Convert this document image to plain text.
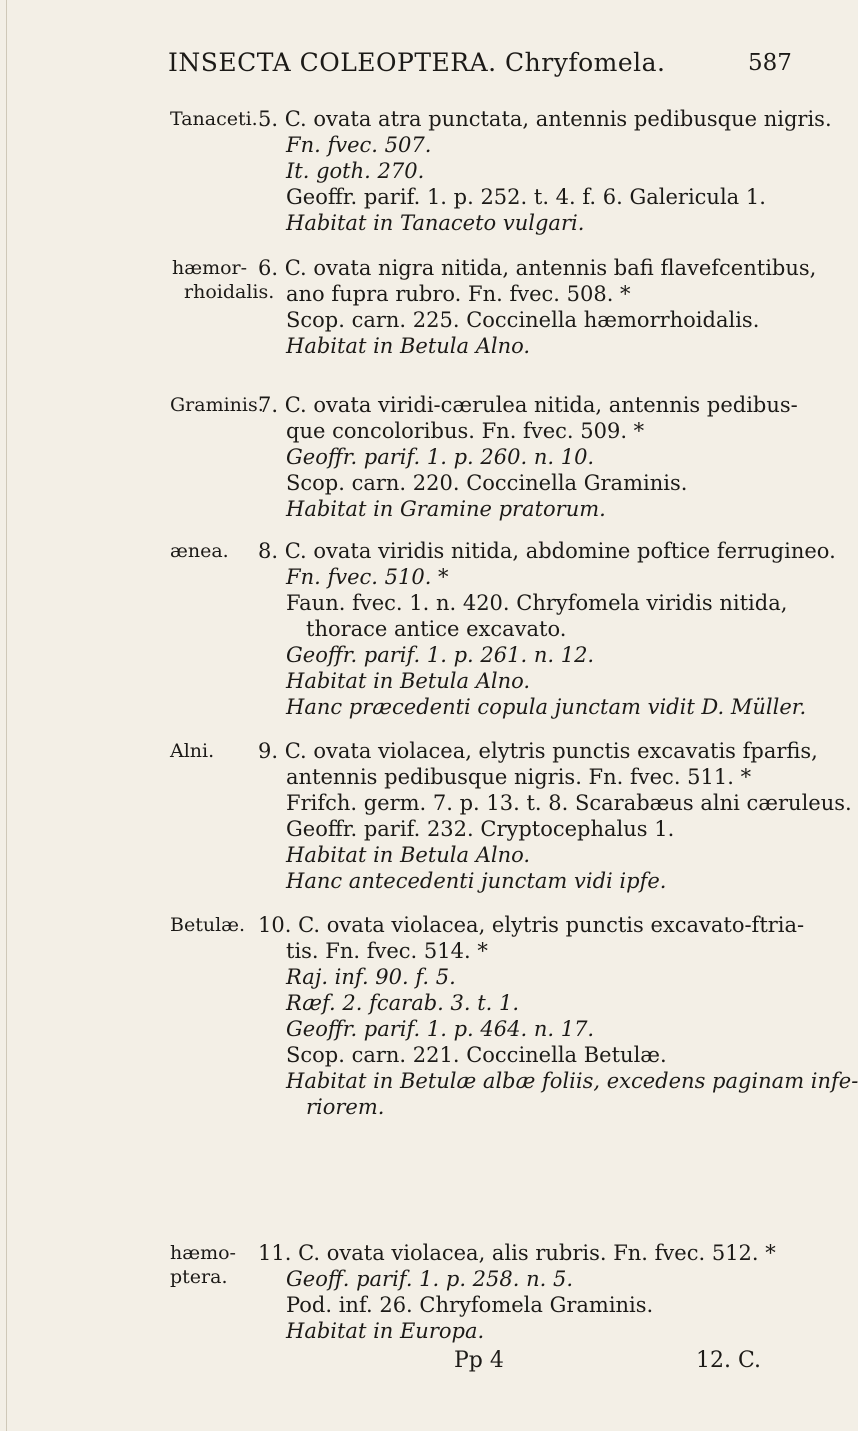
INSECTA COLEOPTERA. Chryfomela.	587
Tanaceti. 5. C. ovata atra punctata, antennis pedibusque nigris.
Fn. fvec. 507.
It. goth. 270.
Geoffr. parif. 1. p. 252. t. 4. f. 6. Galericula 1.
Habitat in Tanaceto vulgari.
hæmor-
rhoidalis.
6. C. ovata nigra nitida, antennis bafi flavefcentibus,
ano fupra rubro. Fn. fvec. 508. *
Scop. carn. 225. Coccinella hæmorrhoidalis.
Habitat in Betula Alno.
Graminis.
7. C. ovata viridi-cærulea nitida, antennis pedibus-
que concoloribus. Fn. fvec. 509. *
Geoffr. parif. 1. p. 260. n. 10.
Scop. carn. 220. Coccinella Graminis.
Habitat in Gramine pratorum.
ænea. 8. C. ovata viridis nitida, abdomine poftice ferrugineo.
Fn. fvec. 510. *
Faun. fvec. 1. n. 420. Chryfomela viridis nitida,
thorace antice excavato.
Geoffr. parif. 1. p. 261. n. 12.
Habitat in Betula Alno.
Hanc præcedenti copula junctam vidit D. Müller.
Alni. 9. C. ovata violacea, elytris punctis excavatis fparfis,
antennis pedibusque nigris. Fn. fvec. 511. *
Frifch. germ. 7. p. 13. t. 8. Scarabæus alni cæruleus.
Geoffr. parif. 232. Cryptocephalus 1.
Habitat in Betula Alno.
Hanc antecedenti junctam vidi ipfe.
Betulæ. 10. C. ovata violacea, elytris punctis excavato-ftria-
tis. Fn. fvec. 514. *
Raj. inf. 90. f. 5.
Ræf. 2. fcarab. 3. t. 1.
Geoffr. parif. 1. p. 464. n. 17.
Scop. carn. 221. Coccinella Betulæ.
Habitat in Betulæ albæ foliis, excedens paginam infe-
riorem.
hæmo-
ptera.
11. C. ovata violacea, alis rubris. Fn. fvec. 512. *
Geoff. parif. 1. p. 258. n. 5.
Pod. inf. 26. Chryfomela Graminis.
Habitat in Europa.
Pp 4	12. C.
